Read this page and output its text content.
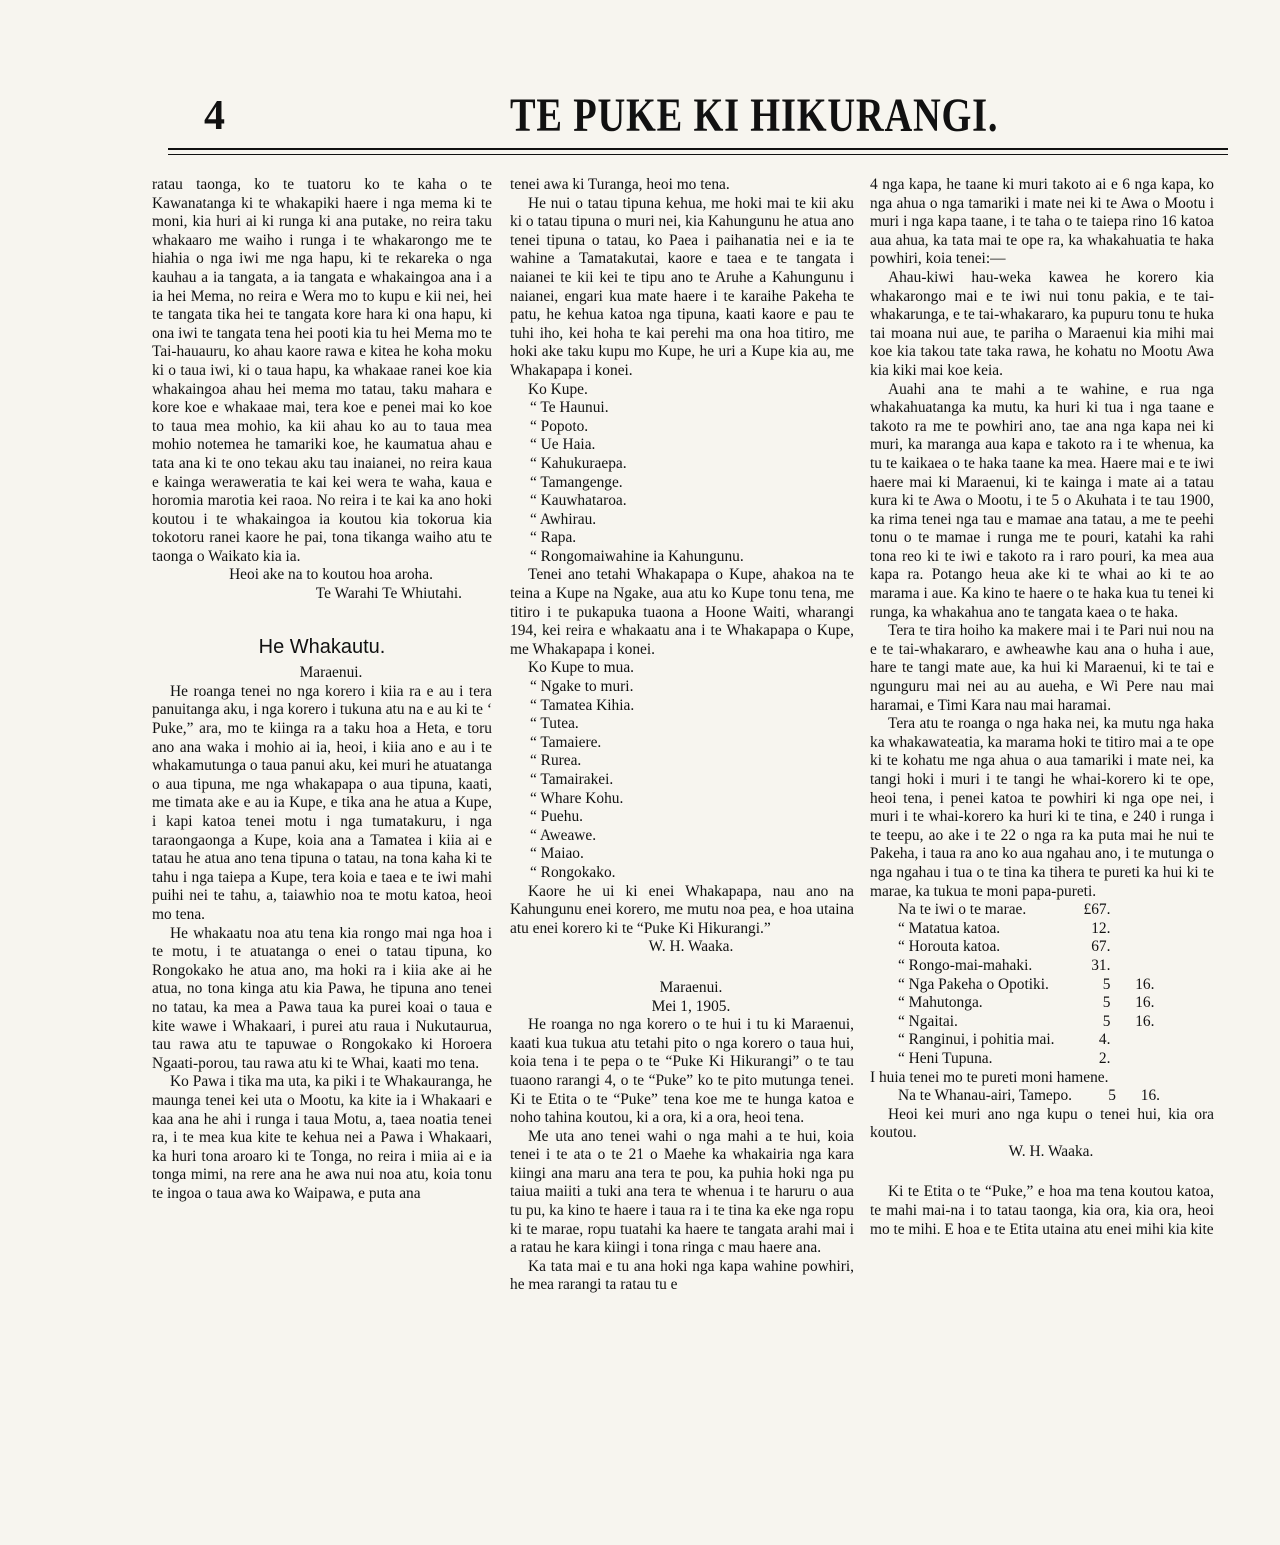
4	TE PUKE KI HIKURANGI.

ratau taonga, ko te tuatoru ko te kaha o te Kawanatanga ki te whakapiki haere i nga mema ki te moni, kia huri ai ki runga ki ana putake, no reira taku whakaaro me waiho i runga i te whakarongo me te hiahia o nga iwi me nga hapu, ki te rekareka o nga kauhau a ia tangata, a ia tangata e whakaingoa ana i a ia hei Mema, no reira e Wera mo to kupu e kii nei, hei te tangata tika hei te tangata kore hara ki ona hapu, ki ona iwi te tangata tena hei pooti kia tu hei Mema mo te Tai-hauauru, ko ahau kaore rawa e kitea he koha moku ki o taua iwi, ki o taua hapu, ka whakaae ranei koe kia whakaingoa ahau hei mema mo tatau, taku mahara e kore koe e whakaae mai, tera koe e penei mai ko koe to taua mea mohio, ka kii ahau ko au to taua mea mohio notemea he tamariki koe, he kaumatua ahau e tata ana ki te ono tekau aku tau inaianei, no reira kaua e kainga weraweratia te kai kei wera te waha, kaua e horomia marotia kei raoa. No reira i te kai ka ano hoki koutou i te whakaingoa ia koutou kia tokorua kia tokotoru ranei kaore he pai, tona tikanga waiho atu te taonga o Waikato kia ia.

Heoi ake na to koutou hoa aroha.

Te Warahi Te Whiutahi.

He Whakautu.

Maraenui.

He roanga tenei no nga korero i kiia ra e au i tera panuitanga aku, i nga korero i tukuna atu na e au ki te ‘ Puke,” ara, mo te kiinga ra a taku hoa a Heta, e toru ano ana waka i mohio ai ia, heoi, i kiia ano e au i te whakamutunga o taua panui aku, kei muri he atuatanga o aua tipuna, me nga whakapapa o aua tipuna, kaati, me timata ake e au ia Kupe, e tika ana he atua a Kupe, i kapi katoa tenei motu i nga tumatakuru, i nga taraongaonga a Kupe, koia ana a Tamatea i kiia ai e tatau he atua ano tena tipuna o tatau, na tona kaha ki te tahu i nga taiepa a Kupe, tera koia e taea e te iwi mahi puihi nei te tahu, a, taiawhio noa te motu katoa, heoi mo tena.

He whakaatu noa atu tena kia rongo mai nga hoa i te motu, i te atuatanga o enei o tatau tipuna, ko Rongokako he atua ano, ma hoki ra i kiia ake ai he atua, no tona kinga atu kia Pawa, he tipuna ano tenei no tatau, ka mea a Pawa taua ka purei koai o taua e kite wawe i Whakaari, i purei atu raua i Nukutaurua, tau rawa atu te tapuwae o Rongokako ki Horoera Ngaati-porou, tau rawa atu ki te Whai, kaati mo tena.

Ko Pawa i tika ma uta, ka piki i te Whakauranga, he maunga tenei kei uta o Mootu, ka kite ia i Whakaari e kaa ana he ahi i runga i taua Motu, a, taea noatia tenei ra, i te mea kua kite te kehua nei a Pawa i Whakaari, ka huri tona aroaro ki te Tonga, no reira i miia ai e ia tonga mimi, na rere ana he awa nui noa atu, koia tonu te ingoa o taua awa ko Waipawa, e puta ana

tenei awa ki Turanga, heoi mo tena.

He nui o tatau tipuna kehua, me hoki mai te kii aku ki o tatau tipuna o muri nei, kia Kahungunu he atua ano tenei tipuna o tatau, ko Paea i paihanatia nei e ia te wahine a Tamatakutai, kaore e taea e te tangata i naianei te kii kei te tipu ano te Aruhe a Kahungunu i naianei, engari kua mate haere i te karaihe Pakeha te patu, he kehua katoa nga tipuna, kaati kaore e pau te tuhi iho, kei hoha te kai perehi ma ona hoa titiro, me hoki ake taku kupu mo Kupe, he uri a Kupe kia au, me Whakapapa i konei.

Ko Kupe.

“ Te Haunui.
“ Popoto.
“ Ue Haia.
“ Kahukuraepa.
“ Tamangenge.
“ Kauwhataroa.
“ Awhirau.
“ Rapa.
“ Rongomaiwahine ia Kahungunu.

Tenei ano tetahi Whakapapa o Kupe, ahakoa na te teina a Kupe na Ngake, aua atu ko Kupe tonu tena, me titiro i te pukapuka tuaona a Hoone Waiti, wharangi 194, kei reira e whakaatu ana i te Whakapapa o Kupe, me Whakapapa i konei.

Ko Kupe to mua.

“ Ngake to muri.
“ Tamatea Kihia.
“ Tutea.
“ Tamaiere.
“ Rurea.
“ Tamairakei.
“ Whare Kohu.
“ Puehu.
“ Aweawe.
“ Maiao.
“ Rongokako.

Kaore he ui ki enei Whakapapa, nau ano na Kahungunu enei korero, me mutu noa pea, e hoa utaina atu enei korero ki te “Puke Ki Hikurangi.”

W. H. Waaka.

Maraenui.

Mei 1, 1905.

He roanga no nga korero o te hui i tu ki Maraenui, kaati kua tukua atu tetahi pito o nga korero o taua hui, koia tena i te pepa o te “Puke Ki Hikurangi” o te tau tuaono rarangi 4, o te “Puke” ko te pito mutunga tenei. Ki te Etita o te “Puke” tena koe me te hunga katoa e noho tahina koutou, ki a ora, ki a ora, heoi tena.

Me uta ano tenei wahi o nga mahi a te hui, koia tenei i te ata o te 21 o Maehe ka whakairia nga kara kiingi ana maru ana tera te pou, ka puhia hoki nga pu taiua maiiti a tuki ana tera te whenua i te haruru o aua tu pu, ka kino te haere i taua ra i te tina ka eke nga ropu ki te marae, ropu tuatahi ka haere te tangata arahi mai i a ratau he kara kiingi i tona ringa c mau haere ana.

Ka tata mai e tu ana hoki nga kapa wahine powhiri, he mea rarangi ta ratau tu e

4 nga kapa, he taane ki muri takoto ai e 6 nga kapa, ko nga ahua o nga tamariki i mate nei ki te Awa o Mootu i muri i nga kapa taane, i te taha o te taiepa rino 16 katoa aua ahua, ka tata mai te ope ra, ka whakahuatia te haka powhiri, koia tenei:—

Ahau-kiwi hau-weka kawea he korero kia whakarongo mai e te iwi nui tonu pakia, e te tai-whakarunga, e te tai-whakararo, ka pupuru tonu te huka tai moana nui aue, te pariha o Maraenui kia mihi mai koe kia takou tate taka rawa, he kohatu no Mootu Awa kia kiki mai koe keia.

Auahi ana te mahi a te wahine, e rua nga whakahuatanga ka mutu, ka huri ki tua i nga taane e takoto ra me te powhiri ano, tae ana nga kapa nei ki muri, ka maranga aua kapa e takoto ra i te whenua, ka tu te kaikaea o te haka taane ka mea. Haere mai e te iwi haere mai ki Maraenui, ki te kainga i mate ai a tatau kura ki te Awa o Mootu, i te 5 o Akuhata i te tau 1900, ka rima tenei nga tau e mamae ana tatau, a me te peehi tonu o te mamae i runga me te pouri, katahi ka rahi tona reo ki te iwi e takoto ra i raro pouri, ka mea aua kapa ra. Potango heua ake ki te whai ao ki te ao marama i aue. Ka kino te haere o te haka kua tu tenei ki runga, ka whakahua ano te tangata kaea o te haka.

Tera te tira hoiho ka makere mai i te Pari nui nou na e te tai-whakararo, e awheawhe kau ana o huha i aue, hare te tangi mate aue, ka hui ki Maraenui, ki te tai e ngunguru mai nei au au aueha, e Wi Pere nau mai haramai, e Timi Kara nau mai haramai.

Tera atu te roanga o nga haka nei, ka mutu nga haka ka whakawateatia, ka marama hoki te titiro mai a te ope ki te kohatu me nga ahua o aua tamariki i mate nei, ka tangi hoki i muri i te tangi he whai-korero ki te ope, heoi tena, i penei katoa te powhiri ki nga ope nei, i muri i te whai-korero ka huri ki te tina, e 240 i runga i te teepu, ao ake i te 22 o nga ra ka puta mai he nui te Pakeha, i taua ra ano ko aua ngahau ano, i te mutunga o nga ngahau i tua o te tina ka tihera te pureti ka hui ki te marae, ka tukua te moni papa-pureti.

Na te iwi o te marae.	£67.	
“ Matatua katoa.	12.	
“ Horouta katoa.	67.	
“ Rongo-mai-mahaki.	31.	
“ Nga Pakeha o Opotiki.	5	16.
“ Mahutonga.	5	16.
“ Ngaitai.	5	16.
“ Ranginui, i pohitia mai.	4.	
“ Heni Tupuna.	2.	

I huia tenei mo te pureti moni hamene.

Na te Whanau-airi, Tamepo.	5	16.

Heoi kei muri ano nga kupu o tenei hui, kia ora koutou.

W. H. Waaka.

Ki te Etita o te “Puke,” e hoa ma tena koutou katoa, te mahi mai-na i to tatau taonga, kia ora, kia ora, heoi mo te mihi. E hoa e te Etita utaina atu enei mihi kia kite
